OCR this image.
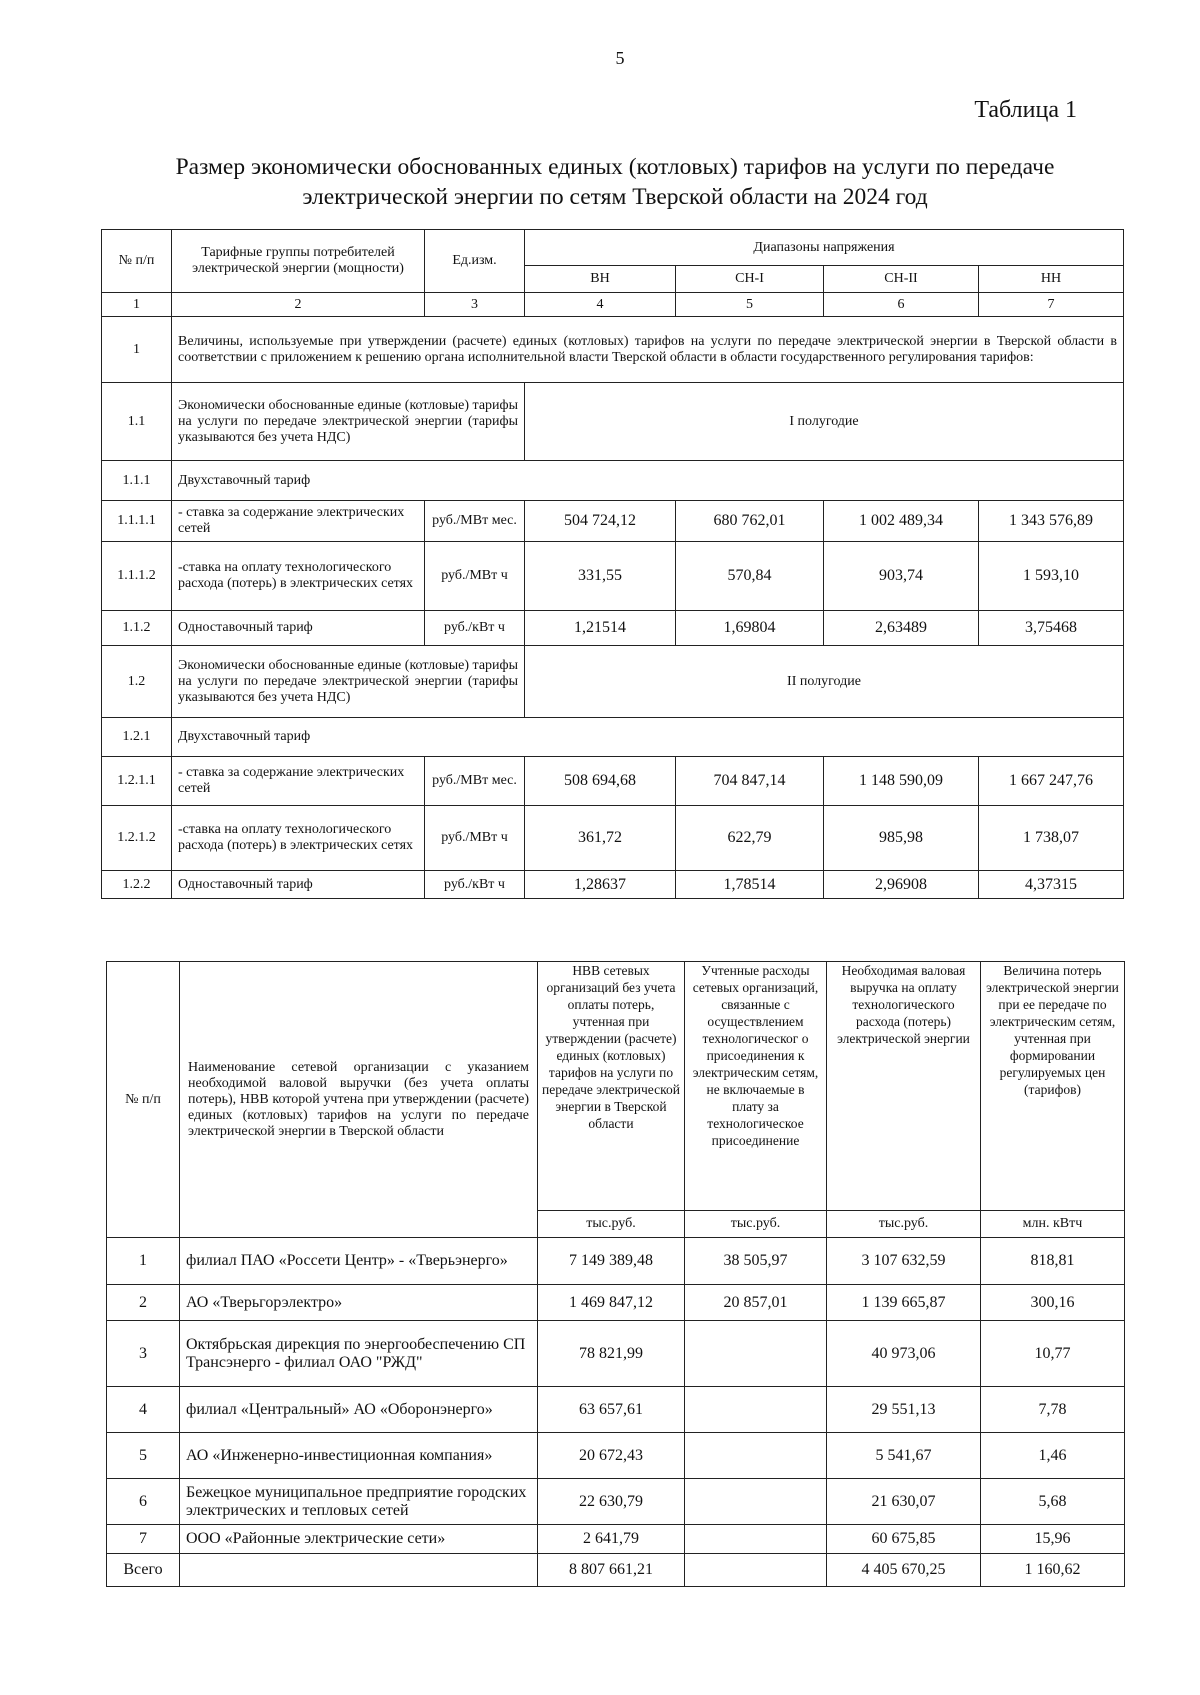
5
Таблица 1
Размер экономически обоснованных единых (котловых) тарифов на услуги по передаче
электрической энергии по сетям Тверской области на 2024 год
№ п/п	Тарифные группы потребителей электрической энергии (мощности)	Ед.изм.	Диапазоны напряжения			
			ВН	СН-I	СН-II	НН
1	2	3	4	5	6	7
1	Величины, используемые при утверждении (расчете) единых (котловых) тарифов на услуги по передаче электрической энергии в Тверской области в соответствии с приложением к решению органа исполнительной власти Тверской области в области государственного регулирования тарифов:					
1.1	Экономически обоснованные единые (котловые) тарифы на услуги по передаче электрической энергии (тарифы указываются без учета НДС)		I полугодие			
1.1.1	Двухставочный тариф					
1.1.1.1	- ставка за содержание электрических сетей	руб./МВт мес.	504 724,12	680 762,01	1 002 489,34	1 343 576,89
1.1.1.2	-ставка на оплату технологического расхода (потерь) в электрических сетях	руб./МВт ч	331,55	570,84	903,74	1 593,10
1.1.2	Одноставочный тариф	руб./кВт ч	1,21514	1,69804	2,63489	3,75468
1.2	Экономически обоснованные единые (котловые) тарифы на услуги по передаче электрической энергии (тарифы указываются без учета НДС)		II полугодие			
1.2.1	Двухставочный тариф					
1.2.1.1	- ставка за содержание электрических сетей	руб./МВт мес.	508 694,68	704 847,14	1 148 590,09	1 667 247,76
1.2.1.2	-ставка на оплату технологического расхода (потерь) в электрических сетях	руб./МВт ч	361,72	622,79	985,98	1 738,07
1.2.2	Одноставочный тариф	руб./кВт ч	1,28637	1,78514	2,96908	4,37315
№ п/п	Наименование сетевой организации с указанием необходимой валовой выручки (без учета оплаты потерь), НВВ которой учтена при утверждении (расчете) единых (котловых) тарифов на услуги по передаче электрической энергии в Тверской области	НВВ сетевых организаций без учета оплаты потерь, учтенная при утверждении (расчете) единых (котловых) тарифов на услуги по передаче электрической энергии в Тверской области	Учтенные расходы сетевых организаций, связанные с осуществлением технологическог о присоединения к электрическим сетям, не включаемые в плату за технологическое присоединение	Необходимая валовая выручка на оплату технологического расхода (потерь) электрической энергии	Величина потерь электрической энергии при ее передаче по электрическим сетям, учтенная при формировании регулируемых цен (тарифов)
		тыс.руб.	тыс.руб.	тыс.руб.	млн. кВтч
1	филиал ПАО «Россети Центр» - «Тверьэнерго»	7 149 389,48	38 505,97	3 107 632,59	818,81
2	АО «Тверьгорэлектро»	1 469 847,12	20 857,01	1 139 665,87	300,16
3	Октябрьская дирекция по энергообеспечению СП Трансэнерго - филиал ОАО "РЖД"	78 821,99		40 973,06	10,77
4	филиал «Центральный» АО «Оборонэнерго»	63 657,61		29 551,13	7,78
5	АО «Инженерно-инвестиционная компания»	20 672,43		5 541,67	1,46
6	Бежецкое муниципальное предприятие городских электрических и тепловых сетей	22 630,79		21 630,07	5,68
7	ООО «Районные электрические сети»	2 641,79		60 675,85	15,96
Всего		8 807 661,21		4 405 670,25	1 160,62
